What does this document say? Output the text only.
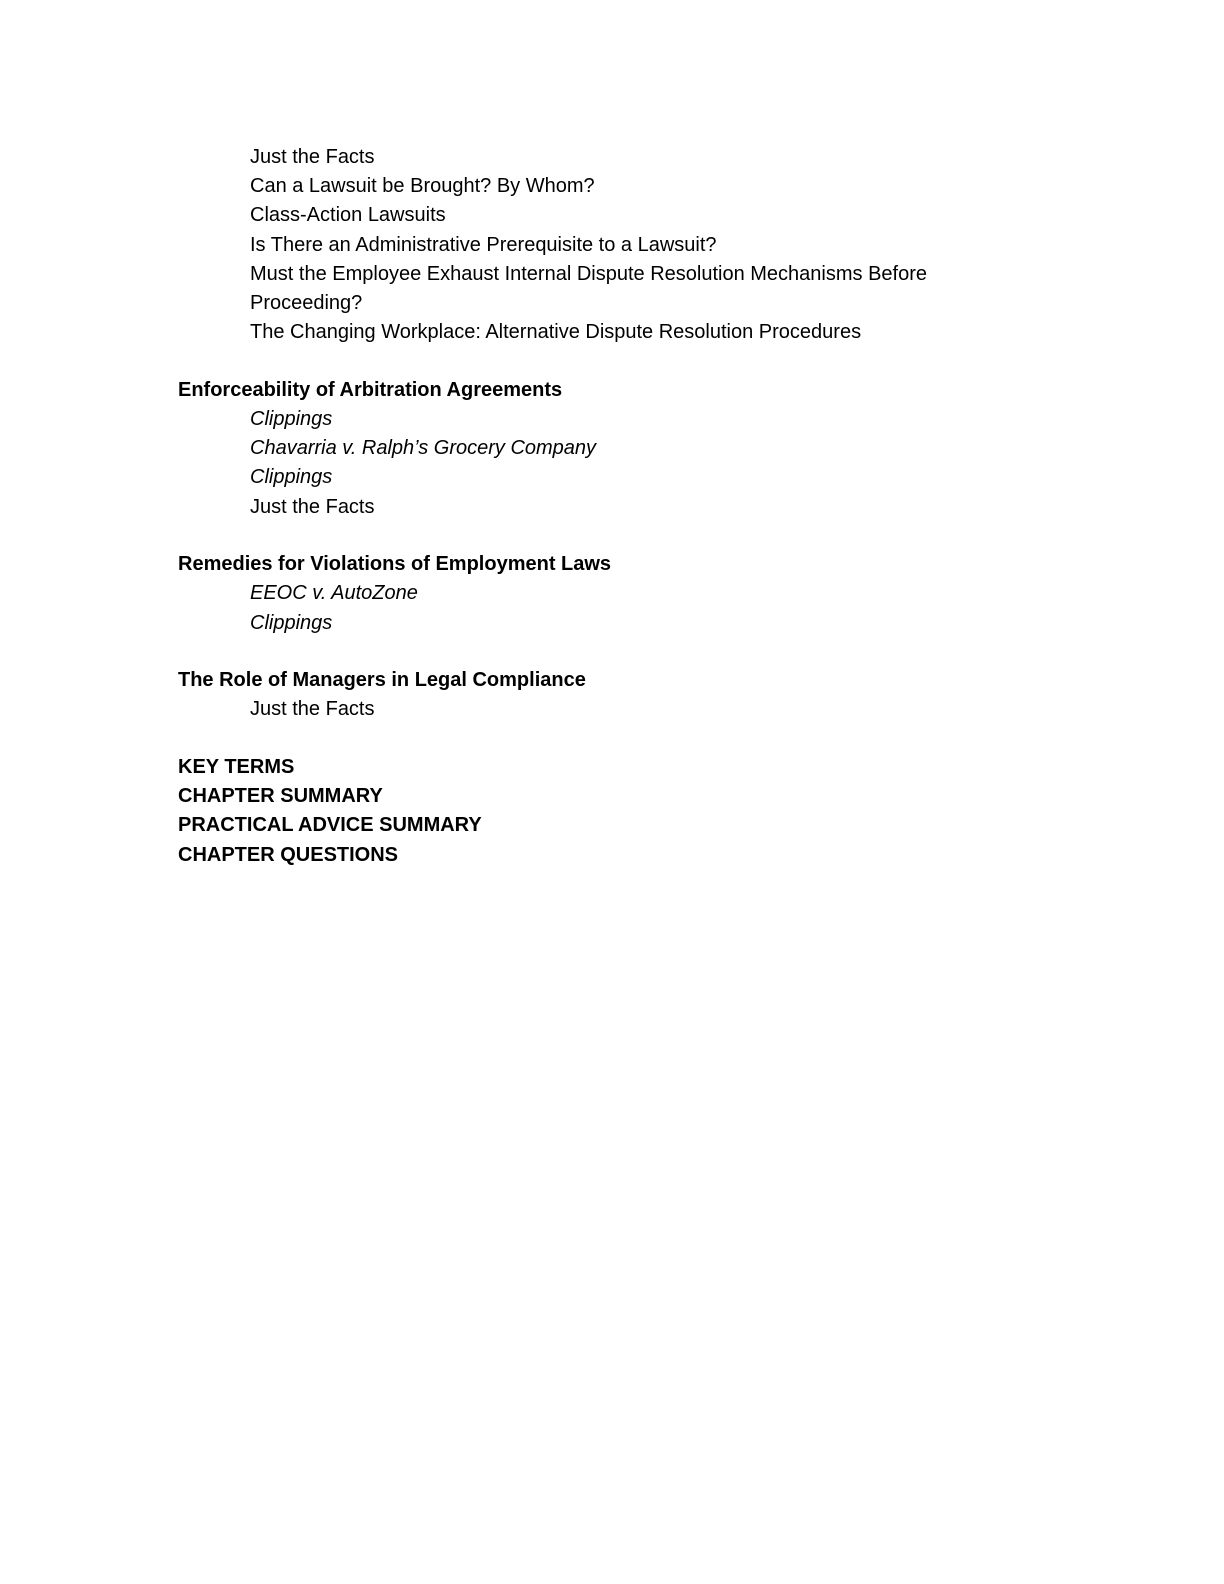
Just the Facts
Can a Lawsuit be Brought? By Whom?
Class-Action Lawsuits
Is There an Administrative Prerequisite to a Lawsuit?
Must the Employee Exhaust Internal Dispute Resolution Mechanisms Before
Proceeding?
The Changing Workplace: Alternative Dispute Resolution Procedures

Enforceability of Arbitration Agreements

Clippings
Chavarria v. Ralph’s Grocery Company
Clippings
Just the Facts

Remedies for Violations of Employment Laws

EEOC v. AutoZone
Clippings

The Role of Managers in Legal Compliance

Just the Facts

KEY TERMS

CHAPTER SUMMARY

PRACTICAL ADVICE SUMMARY

CHAPTER QUESTIONS
